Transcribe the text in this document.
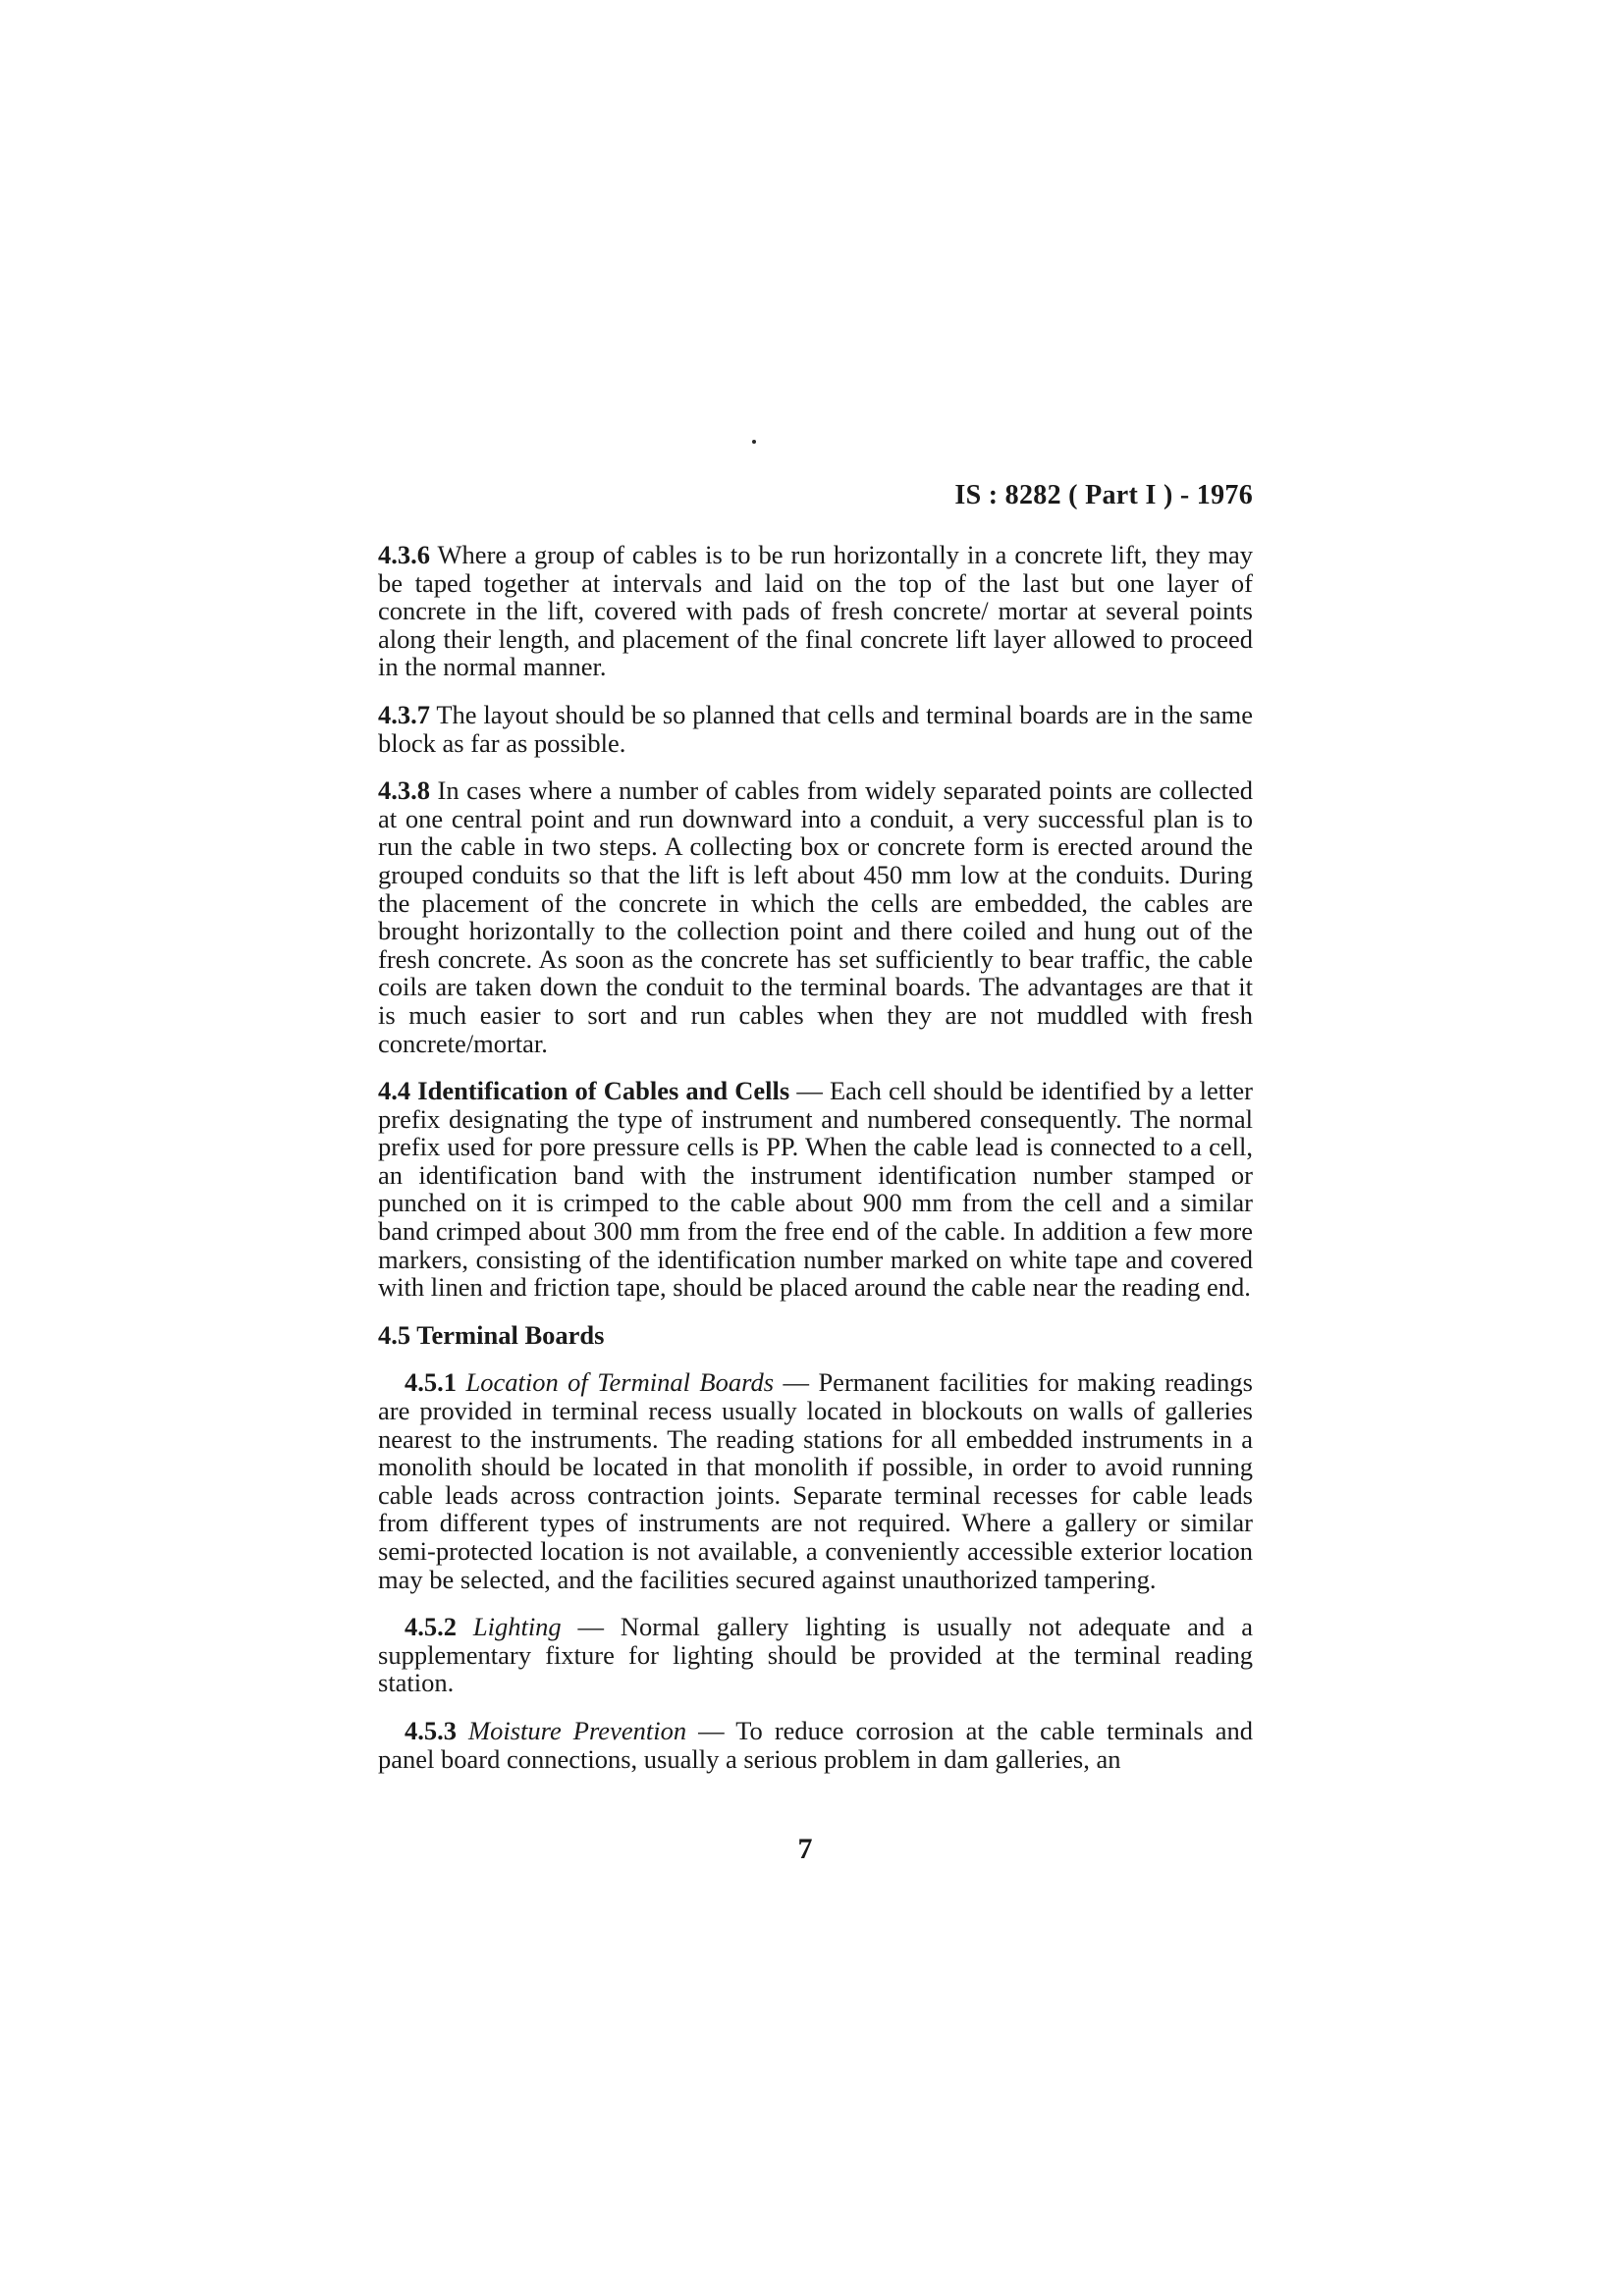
IS : 8282 ( Part I ) - 1976

4.3.6 Where a group of cables is to be run horizontally in a concrete lift, they may be taped together at intervals and laid on the top of the last but one layer of concrete in the lift, covered with pads of fresh concrete/ mortar at several points along their length, and placement of the final concrete lift layer allowed to proceed in the normal manner.

4.3.7 The layout should be so planned that cells and terminal boards are in the same block as far as possible.

4.3.8 In cases where a number of cables from widely separated points are collected at one central point and run downward into a conduit, a very successful plan is to run the cable in two steps. A collecting box or concrete form is erected around the grouped conduits so that the lift is left about 450 mm low at the conduits. During the placement of the concrete in which the cells are embedded, the cables are brought horizontally to the collection point and there coiled and hung out of the fresh concrete. As soon as the concrete has set sufficiently to bear traffic, the cable coils are taken down the conduit to the terminal boards. The advantages are that it is much easier to sort and run cables when they are not muddled with fresh concrete/mortar.

4.4 Identification of Cables and Cells — Each cell should be identified by a letter prefix designating the type of instrument and numbered consequently. The normal prefix used for pore pressure cells is PP. When the cable lead is connected to a cell, an identification band with the instrument identification number stamped or punched on it is crimped to the cable about 900 mm from the cell and a similar band crimped about 300 mm from the free end of the cable. In addition a few more markers, consisting of the identification number marked on white tape and covered with linen and friction tape, should be placed around the cable near the reading end.

4.5 Terminal Boards

4.5.1 Location of Terminal Boards — Permanent facilities for making readings are provided in terminal recess usually located in blockouts on walls of galleries nearest to the instruments. The reading stations for all embedded instruments in a monolith should be located in that monolith if possible, in order to avoid running cable leads across contraction joints. Separate terminal recesses for cable leads from different types of instruments are not required. Where a gallery or similar semi-protected location is not available, a conveniently accessible exterior location may be selected, and the facilities secured against unauthorized tampering.

4.5.2 Lighting — Normal gallery lighting is usually not adequate and a supplementary fixture for lighting should be provided at the terminal reading station.

4.5.3 Moisture Prevention — To reduce corrosion at the cable terminals and panel board connections, usually a serious problem in dam galleries, an

7
